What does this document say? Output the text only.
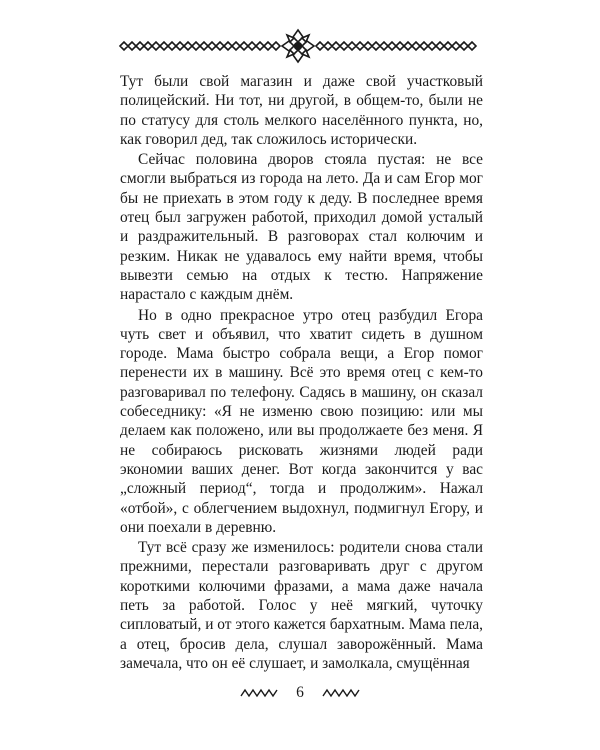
Тут были свой магазин и даже свой участковый полицейский. Ни тот, ни другой, в общем-то, были не по статусу для столь мелкого населённого пункта, но, как говорил дед, так сложилось исторически.

Сейчас половина дворов стояла пустая: не все смогли выбраться из города на лето. Да и сам Егор мог бы не приехать в этом году к деду. В последнее время отец был загружен работой, приходил домой усталый и раздражительный. В разговорах стал колючим и резким. Никак не удавалось ему найти время, чтобы вывезти семью на отдых к тестю. Напряжение нарастало с каждым днём.

Но в одно прекрасное утро отец разбудил Егора чуть свет и объявил, что хватит сидеть в душном городе. Мама быстро собрала вещи, а Егор помог перенести их в машину. Всё это время отец с кем-то разговаривал по телефону. Садясь в машину, он сказал собеседнику: «Я не изменю свою позицию: или мы делаем как положено, или вы продолжаете без меня. Я не собираюсь рисковать жизнями людей ради экономии ваших денег. Вот когда закончится у вас „сложный период“, тогда и продолжим». Нажал «отбой», с облегчением выдохнул, подмигнул Егору, и они поехали в деревню.

Тут всё сразу же изменилось: родители снова стали прежними, перестали разговаривать друг с другом короткими колючими фразами, а мама даже начала петь за работой. Голос у неё мягкий, чуточку сипловатый, и от этого кажется бархатным. Мама пела, а отец, бросив дела, слушал заворожённый. Мама замечала, что он её слушает, и замолкала, смущённая

6
